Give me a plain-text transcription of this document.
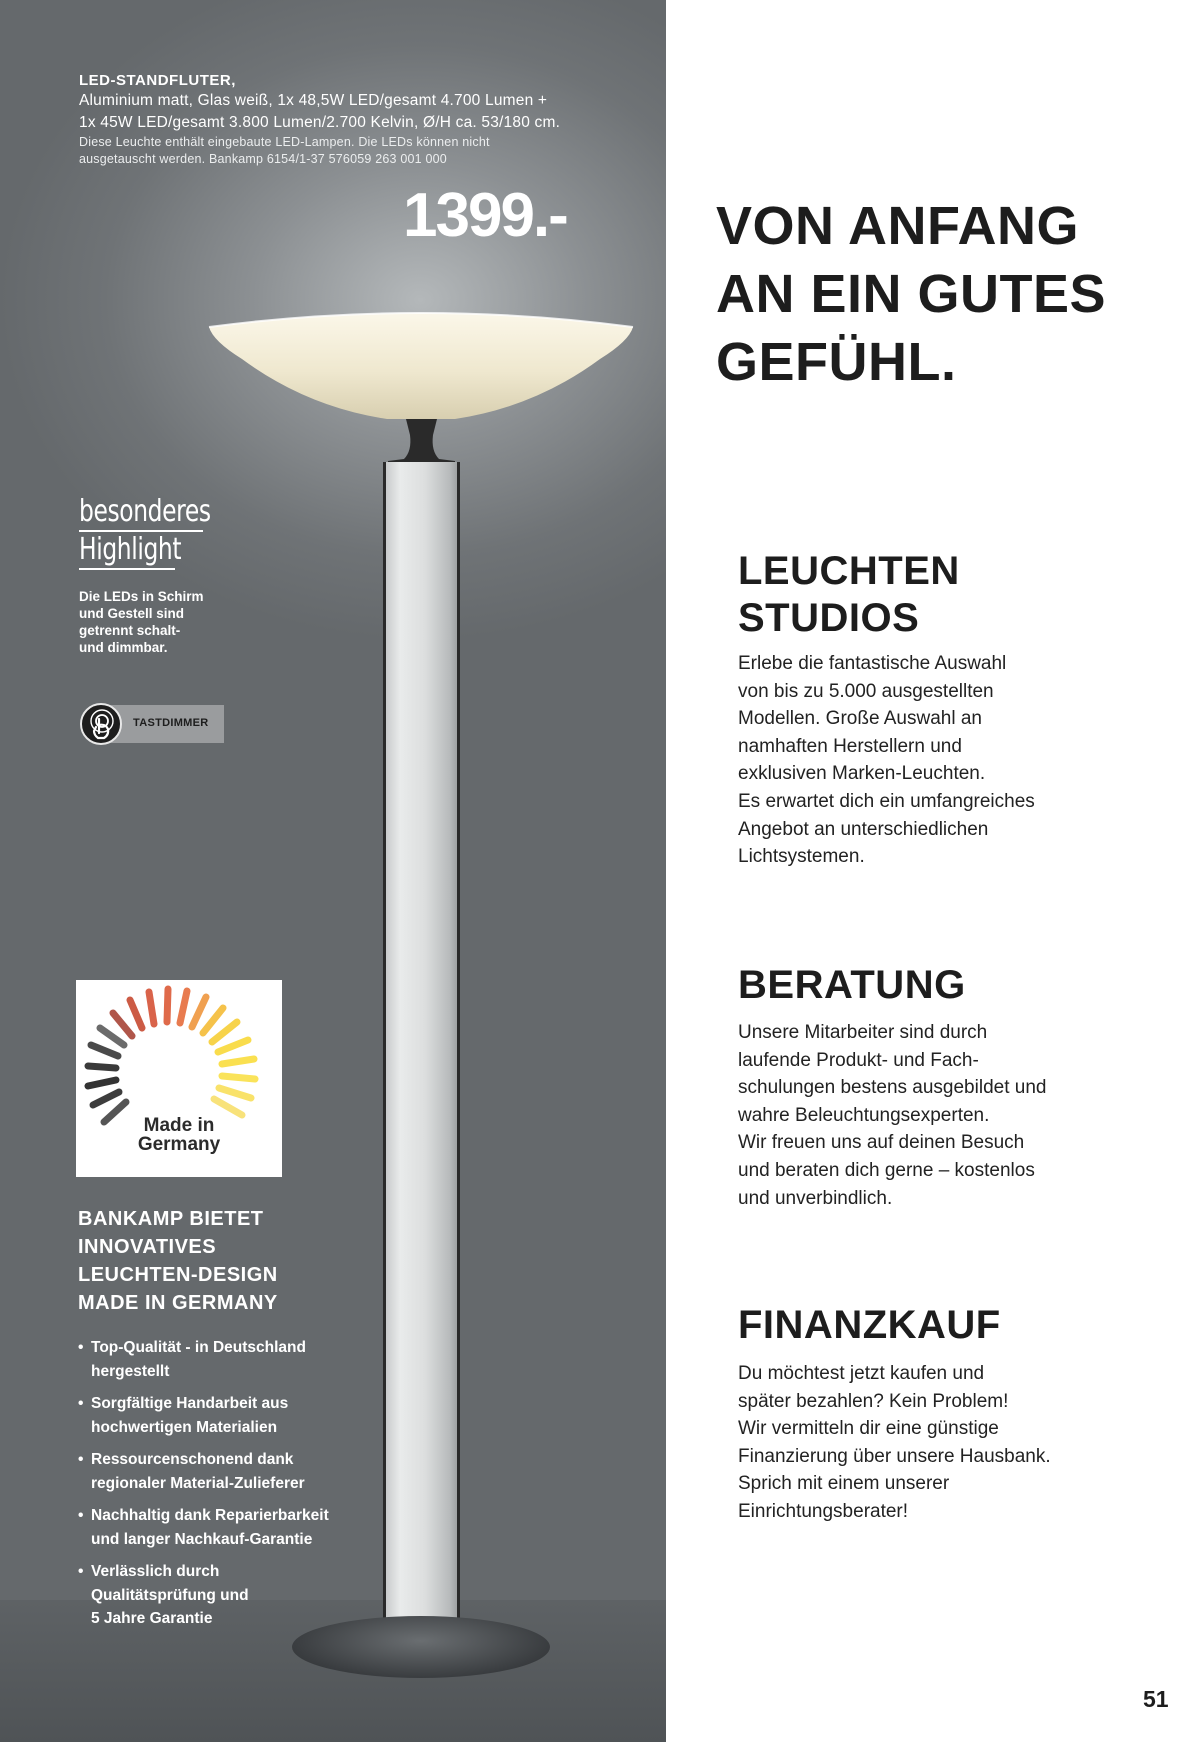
LED-STANDFLUTER,

Aluminium matt, Glas weiß, 1x 48,5W LED/gesamt 4.700 Lumen +

1x 45W LED/gesamt 3.800 Lumen/2.700 Kelvin, Ø/H ca. 53/180 cm.

Diese Leuchte enthält eingebaute LED-Lampen. Die LEDs können nicht

ausgetauscht werden. Bankamp 6154/1-37 576059 263 001 000

1399.-

besonderes

Highlight

Die LEDs in Schirm
und Gestell sind
getrennt schalt-
und dimmbar.
TASTDIMMER
Made in
Germany
BANKAMP BIETET
INNOVATIVES
LEUCHTEN-DESIGN
MADE IN GERMANY
• Top-Qualität - in Deutschland
hergestellt
• Sorgfältige Handarbeit aus
hochwertigen Materialien
• Ressourcenschonend dank
regionaler Material-Zulieferer
• Nachhaltig dank Reparierbarkeit
und langer Nachkauf-Garantie
• Verlässlich durch
Qualitätsprüfung und
5 Jahre Garantie
VON ANFANG
AN EIN GUTES
GEFÜHL.
LEUCHTEN
STUDIOS
Erlebe die fantastische Auswahl
von bis zu 5.000 ausgestellten
Modellen. Große Auswahl an
namhaften Herstellern und
exklusiven Marken-Leuchten.
Es erwartet dich ein umfangreiches
Angebot an unterschiedlichen
Lichtsystemen.
BERATUNG
Unsere Mitarbeiter sind durch
laufende Produkt- und Fach-
schulungen bestens ausgebildet und
wahre Beleuchtungsexperten.
Wir freuen uns auf deinen Besuch
und beraten dich gerne – kostenlos
und unverbindlich.
FINANZKAUF
Du möchtest jetzt kaufen und
später bezahlen? Kein Problem!
Wir vermitteln dir eine günstige
Finanzierung über unsere Hausbank.
Sprich mit einem unserer
Einrichtungsberater!

51
